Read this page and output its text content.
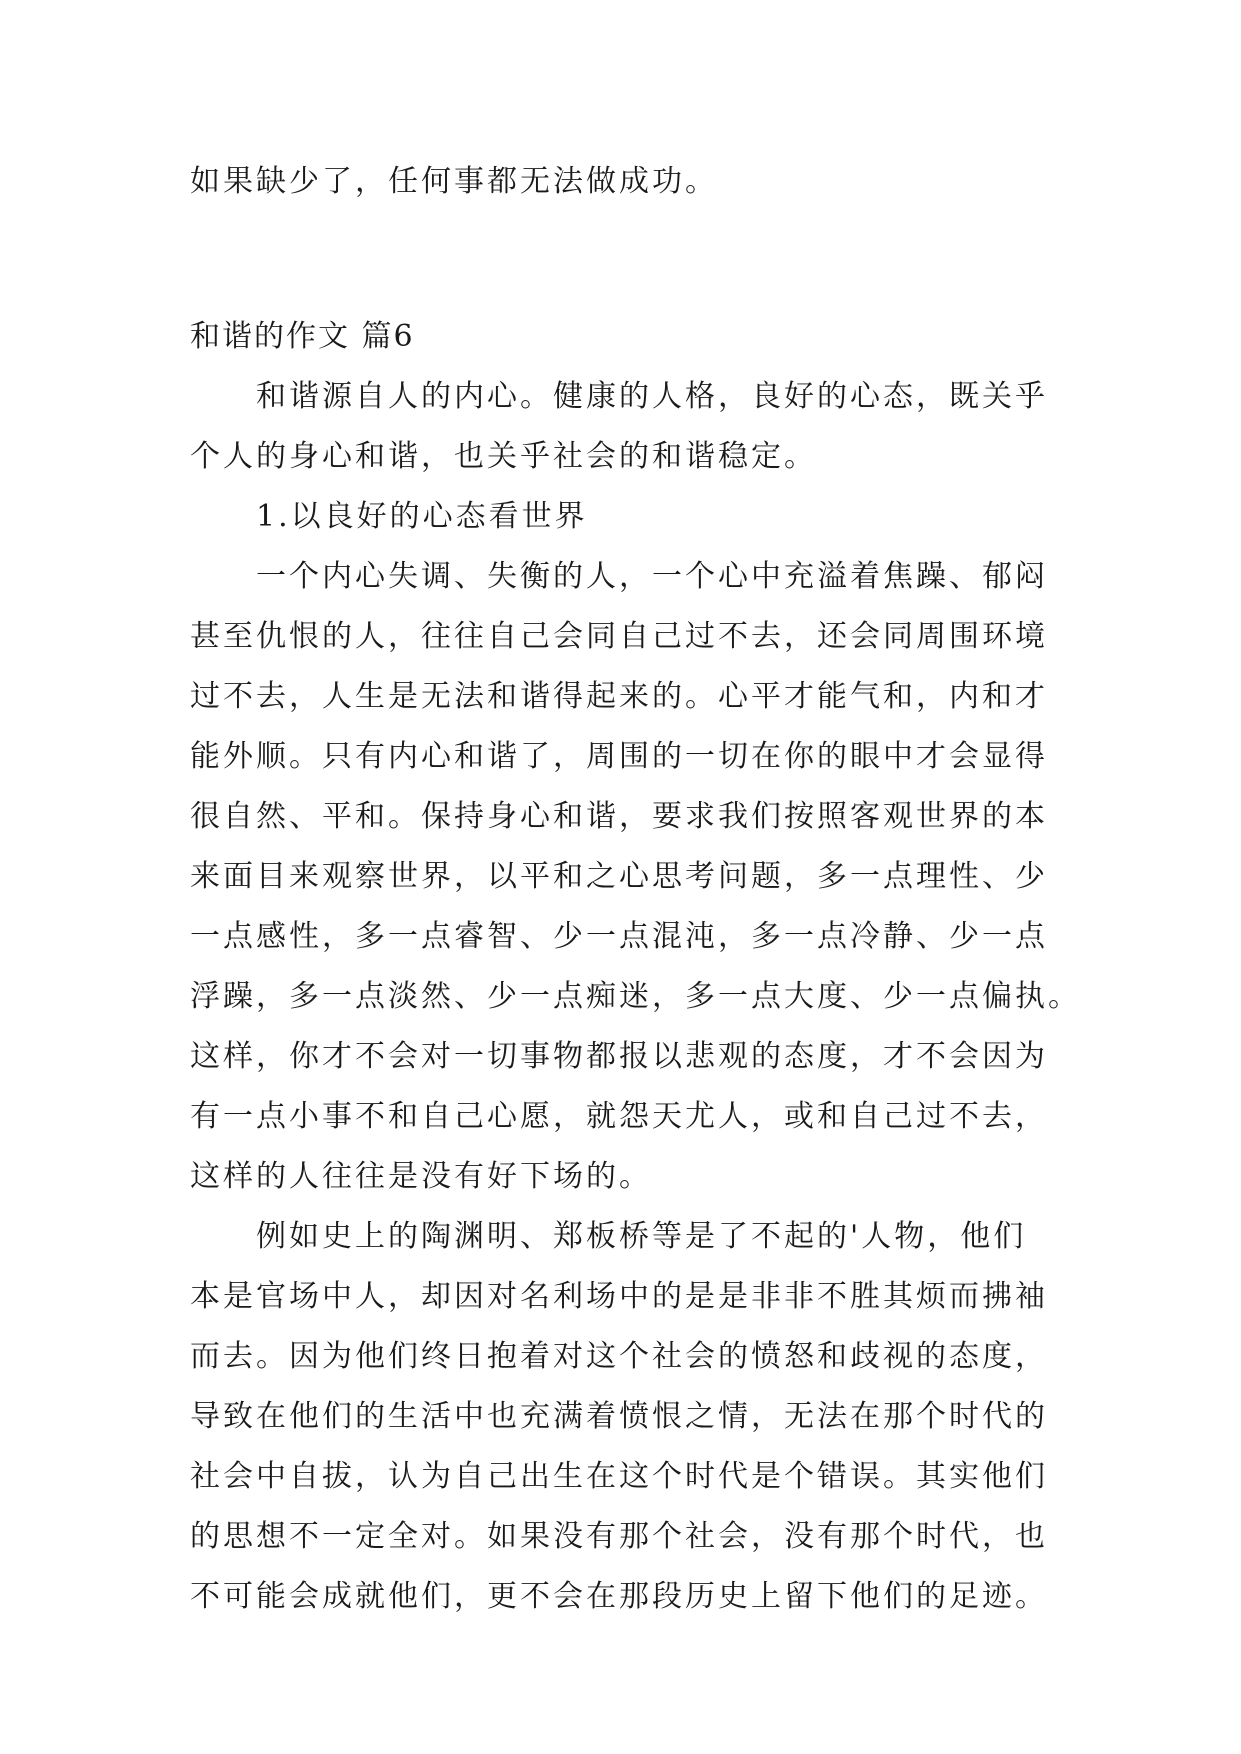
如果缺少了，任何事都无法做成功。
和谐的作文 篇6
和谐源自人的内心。健康的人格，良好的心态，既关乎
个人的身心和谐，也关乎社会的和谐稳定。
1.以良好的心态看世界
一个内心失调、失衡的人，一个心中充溢着焦躁、郁闷
甚至仇恨的人，往往自己会同自己过不去，还会同周围环境
过不去，人生是无法和谐得起来的。心平才能气和，内和才
能外顺。只有内心和谐了，周围的一切在你的眼中才会显得
很自然、平和。保持身心和谐，要求我们按照客观世界的本
来面目来观察世界，以平和之心思考问题，多一点理性、少
一点感性，多一点睿智、少一点混沌，多一点冷静、少一点
浮躁，多一点淡然、少一点痴迷，多一点大度、少一点偏执。
这样，你才不会对一切事物都报以悲观的态度，才不会因为
有一点小事不和自己心愿，就怨天尤人，或和自己过不去，
这样的人往往是没有好下场的。
例如史上的陶渊明、郑板桥等是了不起的'人物，他们
本是官场中人，却因对名利场中的是是非非不胜其烦而拂袖
而去。因为他们终日抱着对这个社会的愤怒和歧视的态度，
导致在他们的生活中也充满着愤恨之情，无法在那个时代的
社会中自拔，认为自己出生在这个时代是个错误。其实他们
的思想不一定全对。如果没有那个社会，没有那个时代，也
不可能会成就他们，更不会在那段历史上留下他们的足迹。
